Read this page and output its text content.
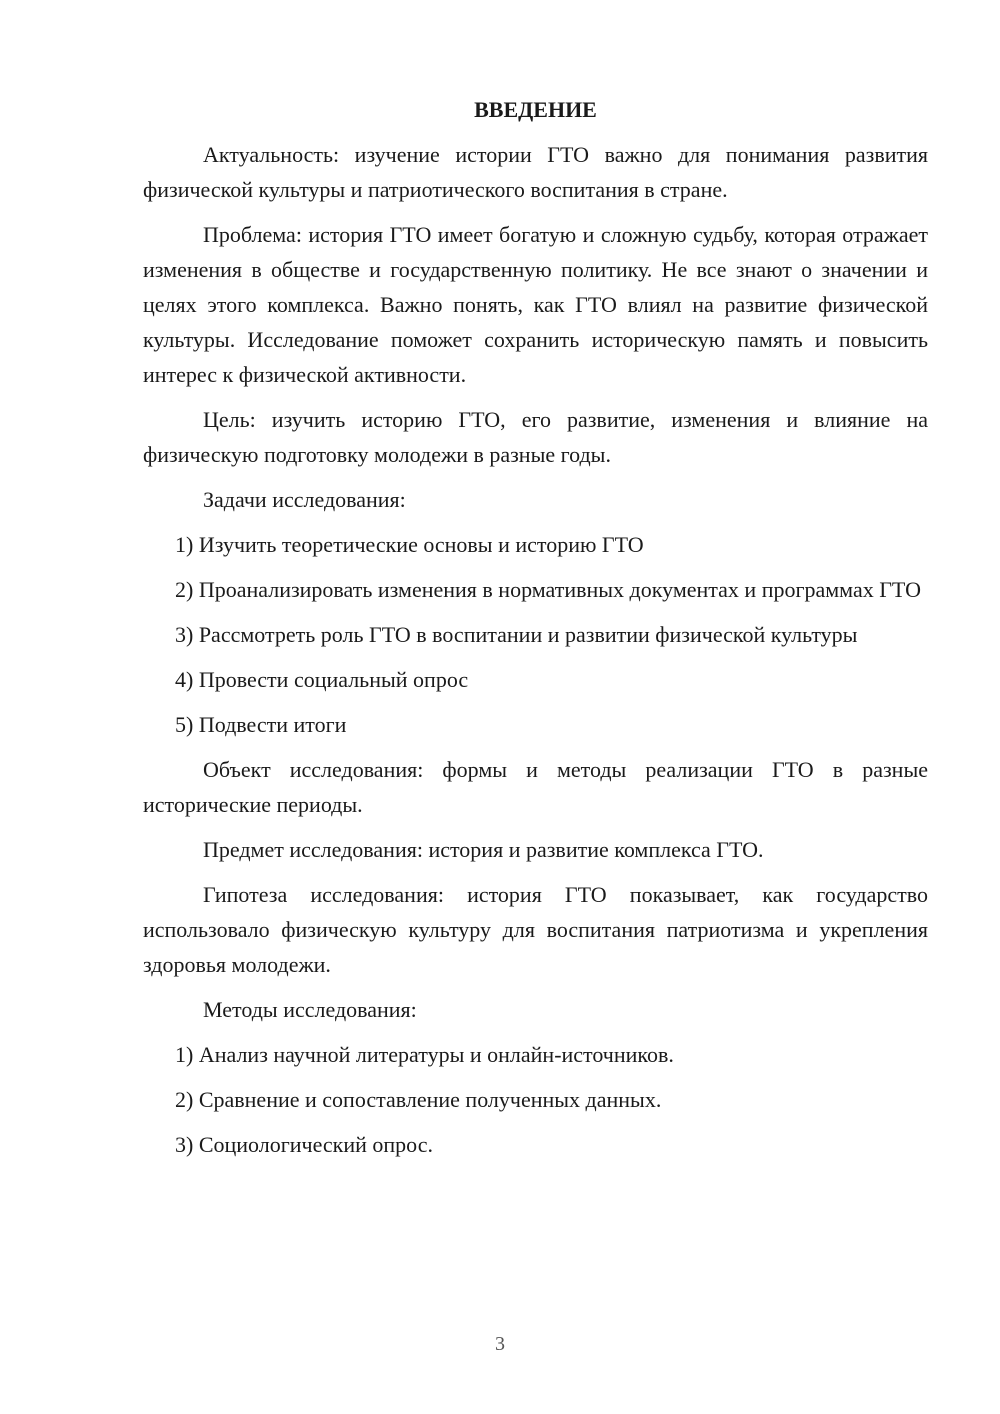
ВВЕДЕНИЕ

Актуальность: изучение истории ГТО важно для понимания развития физической культуры и патриотического воспитания в стране.

Проблема: история ГТО имеет богатую и сложную судьбу, которая отражает изменения в обществе и государственную политику. Не все знают о значении и целях этого комплекса. Важно понять, как ГТО влиял на развитие физической культуры. Исследование поможет сохранить историческую память и повысить интерес к физической активности.

Цель: изучить историю ГТО, его развитие, изменения и влияние на физическую подготовку молодежи в разные годы.

Задачи исследования:

1) Изучить теоретические основы и историю ГТО

2) Проанализировать изменения в нормативных документах и программах ГТО

3) Рассмотреть роль ГТО в воспитании и развитии физической культуры

4) Провести социальный опрос

5) Подвести итоги

Объект исследования: формы и методы реализации ГТО в разные исторические периоды.

Предмет исследования: история и развитие комплекса ГТО.

Гипотеза исследования: история ГТО показывает, как государство использовало физическую культуру для воспитания патриотизма и укрепления здоровья молодежи.

Методы исследования:

1) Анализ научной литературы и онлайн-источников.

2) Сравнение и сопоставление полученных данных.

3) Социологический опрос.

3
